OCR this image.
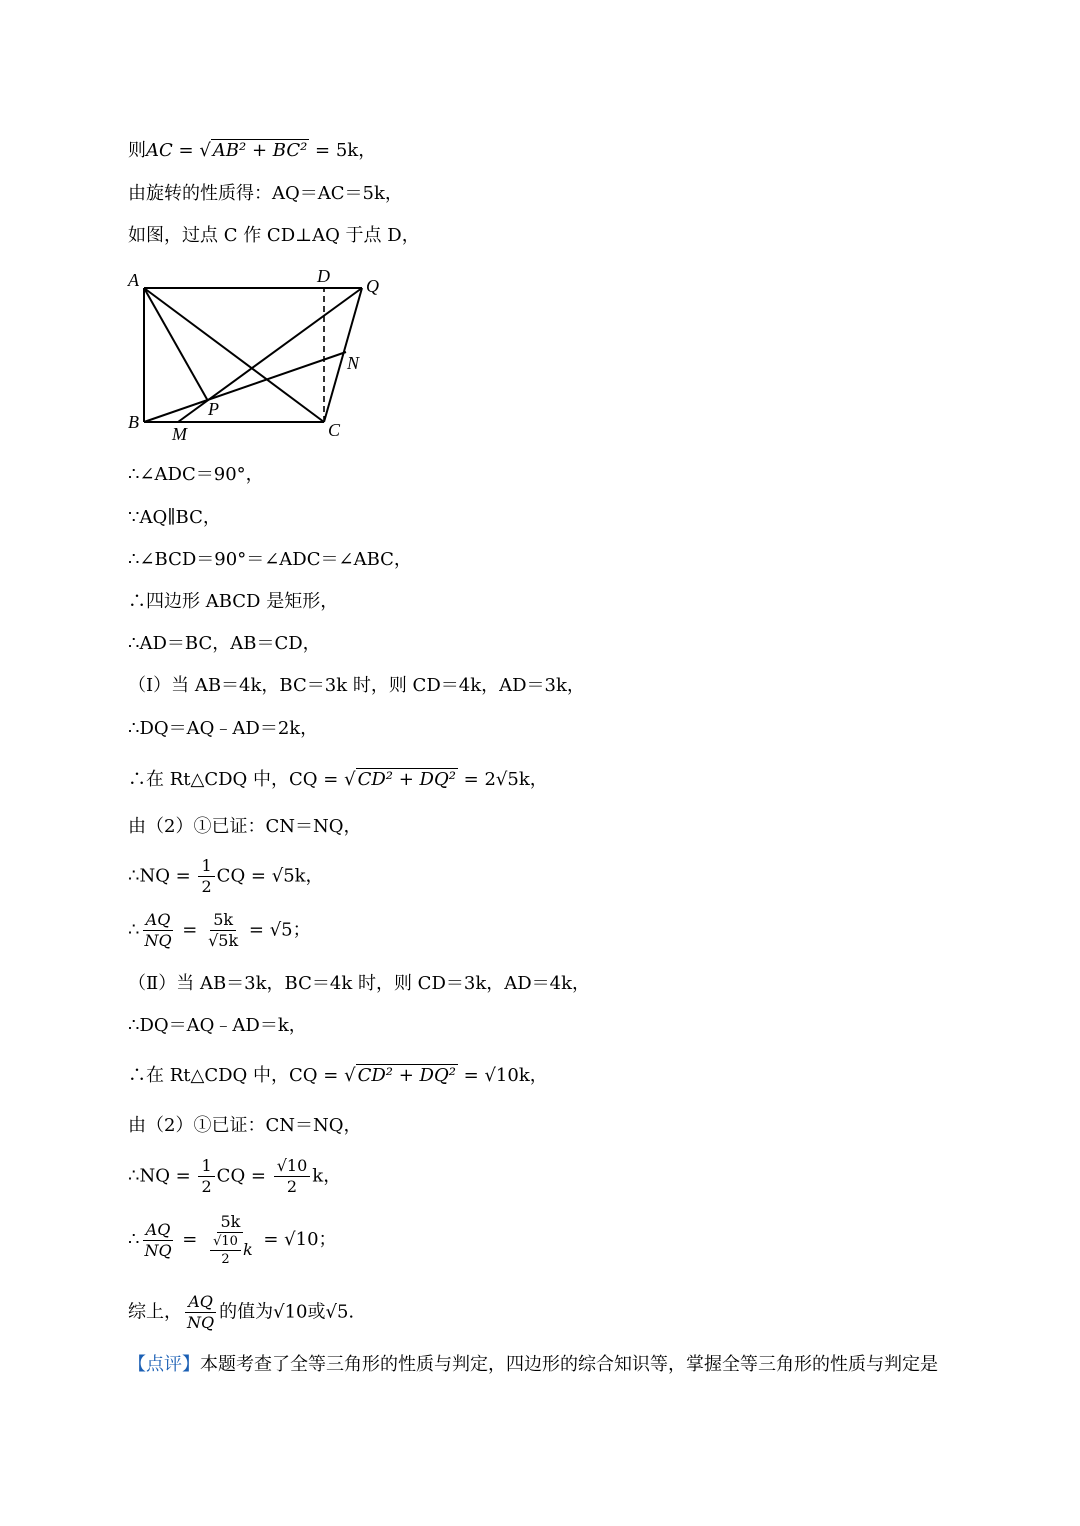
则AC = √ AB² + BC² = 5k，
由旋转的性质得：AQ＝AC＝5k，
如图，过点 C 作 CD⊥AQ 于点 D，
A	D Q
N
P
B
M	C
∴∠ADC＝90°，
∵AQ∥BC，
∴∠BCD＝90°＝∠ADC＝∠ABC，
∴四边形 ABCD 是矩形，
∴AD＝BC，AB＝CD，
（Ⅰ）当 AB＝4k，BC＝3k 时，则 CD＝4k，AD＝3k，
∴DQ＝AQ﹣AD＝2k，
∴在 Rt△CDQ 中，CQ = √ CD² + DQ² = 2√5k，
由（2）①已证：CN＝NQ，
∴NQ = $\frac{1}{2}$ CQ = √5k，
∴ $\frac{AQ}{NQ} = \frac{5k}{√5k} = √5$；
（Ⅱ）当 AB＝3k，BC＝4k 时，则 CD＝3k，AD＝4k，
∴DQ＝AQ﹣AD＝k，
∴在 Rt△CDQ 中，CQ = √ CD² + DQ² = √10k，
由（2）①已证：CN＝NQ，
∴NQ = $\frac{1}{2}$ CQ = $\frac{√10}{2}$ k，
∴ $\frac{AQ}{NQ} = \frac{5k}{\frac{√10}{2} k} = √10$；
综上， $\frac{AQ}{NQ}$ 的值为√10或√5.
【点评】本题考查了全等三角形的性质与判定，四边形的综合知识等，掌握全等三角形的性质与判定是
